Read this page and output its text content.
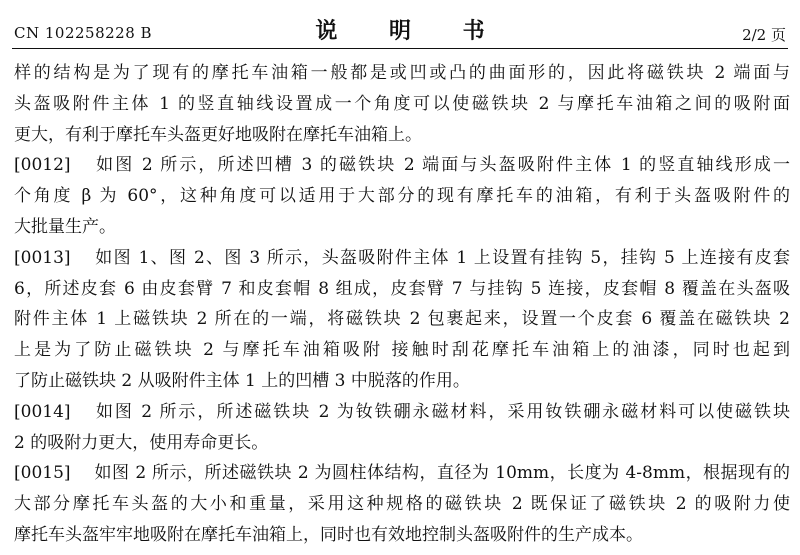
CN 102258228 B	说 明 书	2/2 页
样的结构是为了现有的摩托车油箱一般都是或凹或凸的曲面形的，因此将磁铁块 2 端面与
头盔吸附件主体 1 的竖直轴线设置成一个角度可以使磁铁块 2 与摩托车油箱之间的吸附面
更大，有利于摩托车头盔更好地吸附在摩托车油箱上。
[0012] 如图 2 所示，所述凹槽 3 的磁铁块 2 端面与头盔吸附件主体 1 的竖直轴线形成一
个角度 β 为 60°，这种角度可以适用于大部分的现有摩托车的油箱，有利于头盔吸附件的
大批量生产。
[0013] 如图 1、图 2、图 3 所示，头盔吸附件主体 1 上设置有挂钩 5，挂钩 5 上连接有皮套
6，所述皮套 6 由皮套臂 7 和皮套帽 8 组成，皮套臂 7 与挂钩 5 连接，皮套帽 8 覆盖在头盔吸
附件主体 1 上磁铁块 2 所在的一端，将磁铁块 2 包裹起来，设置一个皮套 6 覆盖在磁铁块 2
上是为了防止磁铁块 2 与摩托车油箱吸附 接触时刮花摩托车油箱上的油漆，同时也起到
了防止磁铁块 2 从吸附件主体 1 上的凹槽 3 中脱落的作用。
[0014] 如图 2 所示，所述磁铁块 2 为钕铁硼永磁材料，采用钕铁硼永磁材料可以使磁铁块
2 的吸附力更大，使用寿命更长。
[0015] 如图 2 所示，所述磁铁块 2 为圆柱体结构，直径为 10mm，长度为 4-8mm，根据现有的
大部分摩托车头盔的大小和重量，采用这种规格的磁铁块 2 既保证了磁铁块 2 的吸附力使
摩托车头盔牢牢地吸附在摩托车油箱上，同时也有效地控制头盔吸附件的生产成本。
